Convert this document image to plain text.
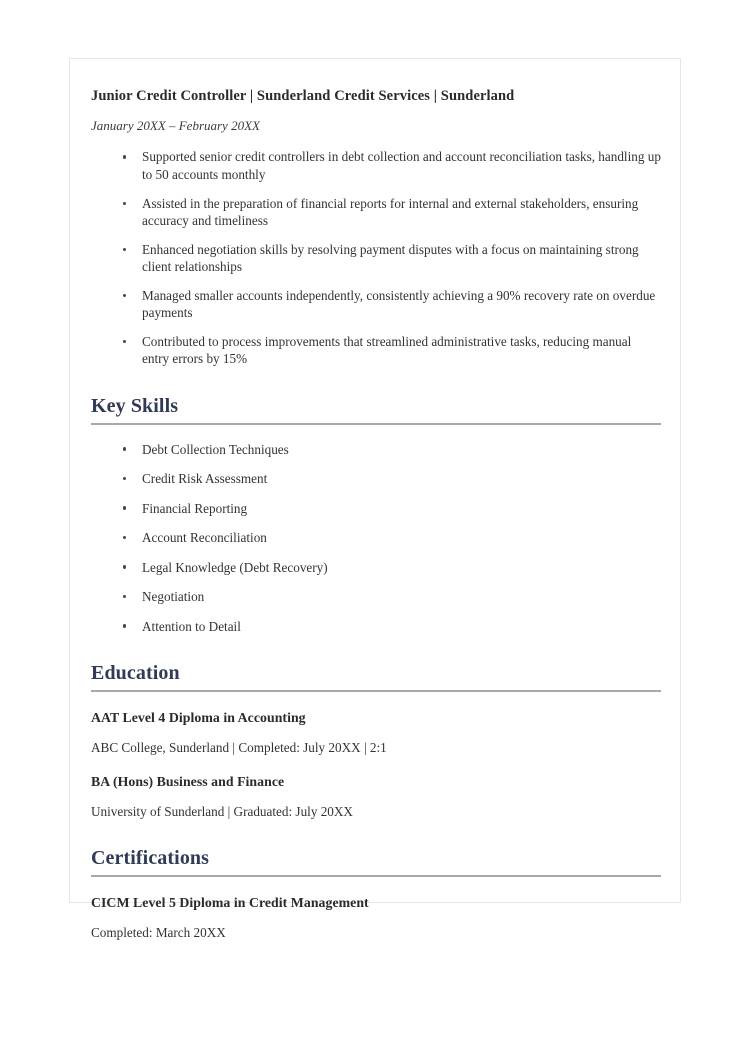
Junior Credit Controller | Sunderland Credit Services | Sunderland
January 20XX – February 20XX
Supported senior credit controllers in debt collection and account reconciliation tasks, handling up to 50 accounts monthly
Assisted in the preparation of financial reports for internal and external stakeholders, ensuring accuracy and timeliness
Enhanced negotiation skills by resolving payment disputes with a focus on maintaining strong client relationships
Managed smaller accounts independently, consistently achieving a 90% recovery rate on overdue payments
Contributed to process improvements that streamlined administrative tasks, reducing manual entry errors by 15%
Key Skills
Debt Collection Techniques
Credit Risk Assessment
Financial Reporting
Account Reconciliation
Legal Knowledge (Debt Recovery)
Negotiation
Attention to Detail
Education
AAT Level 4 Diploma in Accounting
ABC College, Sunderland | Completed: July 20XX | 2:1
BA (Hons) Business and Finance
University of Sunderland | Graduated: July 20XX
Certifications
CICM Level 5 Diploma in Credit Management
Completed: March 20XX
